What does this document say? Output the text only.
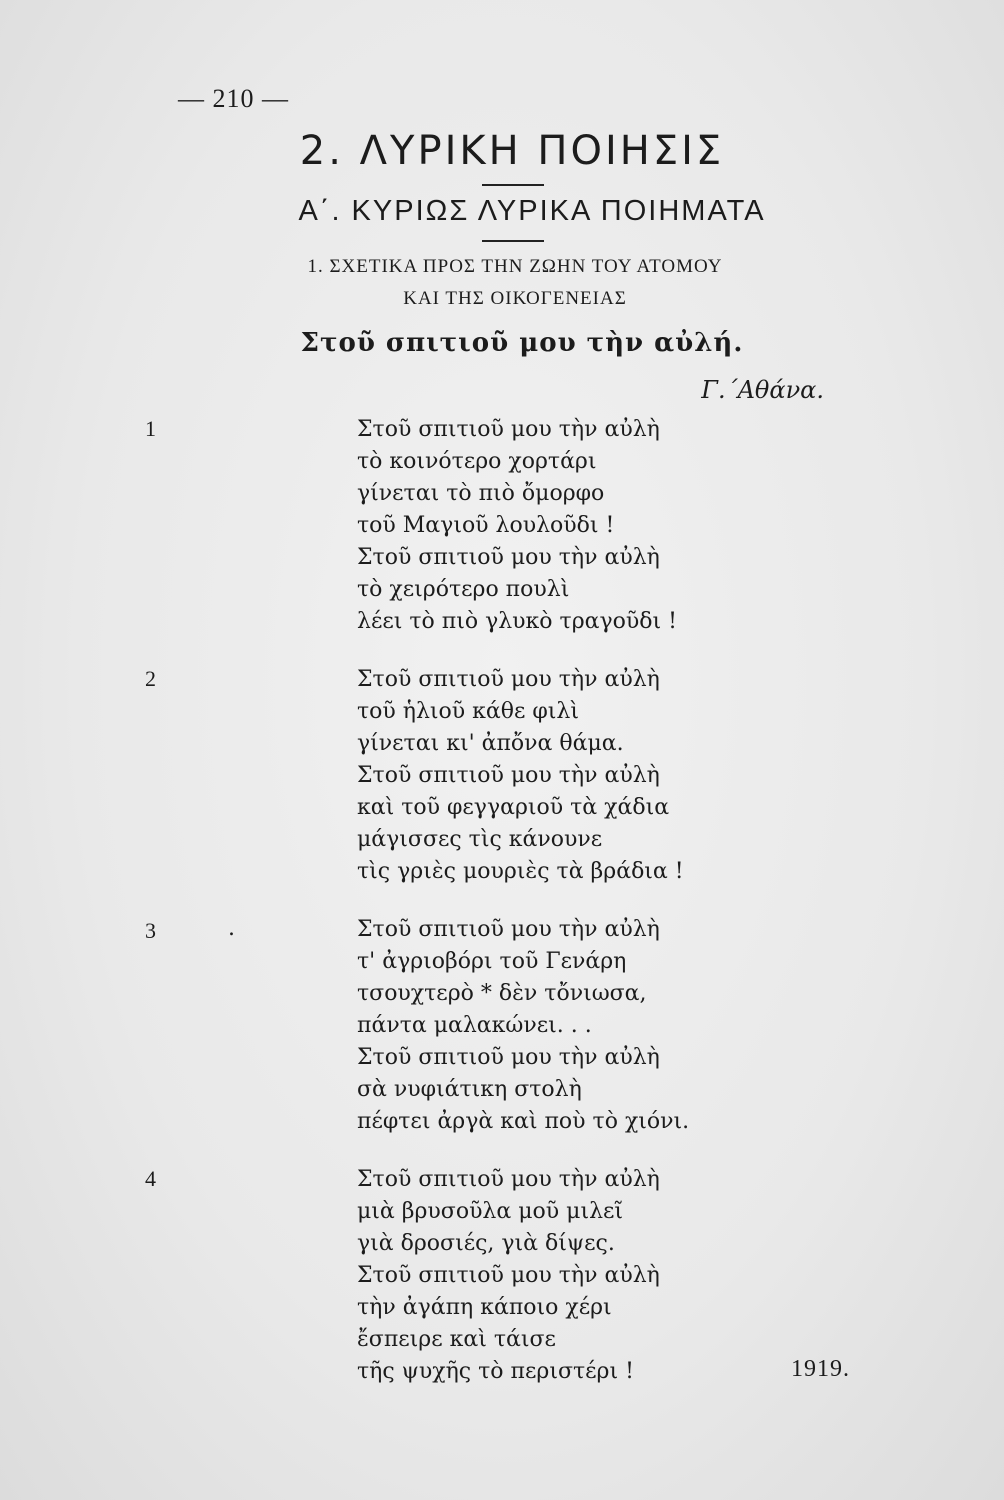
— 210 —
2. ΛΥΡΙΚΗ ΠΟΙΗΣΙΣ
Α΄. ΚΥΡΙΩΣ ΛΥΡΙΚΑ ΠΟΙΗΜΑΤΑ
1. ΣΧΕΤΙΚΑ ΠΡΟΣ ΤΗΝ ΖΩΗΝ ΤΟΥ ΑΤΟΜΟΥ
ΚΑΙ ΤΗΣ ΟΙΚΟΓΕΝΕΙΑΣ
Στοῦ σπιτιοῦ μου τὴν αὐλή.
Γ.΄Αθάνα.
1	Στοῦ σπιτιοῦ μου τὴν αὐλὴ
τὸ κοινότερο χορτάρι
γίνεται τὸ πιὸ ὄμορφο
τοῦ Μαγιοῦ λουλοῦδι !
Στοῦ σπιτιοῦ μου τὴν αὐλὴ
τὸ χειρότερο πουλὶ
λέει τὸ πιὸ γλυκὸ τραγοῦδι !
2	Στοῦ σπιτιοῦ μου τὴν αὐλὴ
τοῦ ἡλιοῦ κάθε φιλὶ
γίνεται κι' ἀπὄνα θάμα.
Στοῦ σπιτιοῦ μου τὴν αὐλὴ
καὶ τοῦ φεγγαριοῦ τὰ χάδια
μάγισσες τὶς κάνουνε
τὶς γριὲς μουριὲς τὰ βράδια !
3	.	Στοῦ σπιτιοῦ μου τὴν αὐλὴ
τ' ἀγριοβόρι τοῦ Γενάρη
τσουχτερὸ * δὲν τὄνιωσα,
πάντα μαλακώνει. . .
Στοῦ σπιτιοῦ μου τὴν αὐλὴ
σὰ νυφιάτικη στολὴ
πέφτει ἀργὰ καὶ ποὺ τὸ χιόνι.
4	Στοῦ σπιτιοῦ μου τὴν αὐλὴ
μιὰ βρυσοῦλα μοῦ μιλεῖ
γιὰ δροσιές, γιὰ δίψες.
Στοῦ σπιτιοῦ μου τὴν αὐλὴ
τὴν ἀγάπη κάποιο χέρι
ἔσπειρε καὶ τάισε
τῆς ψυχῆς τὸ περιστέρι !	1919.
